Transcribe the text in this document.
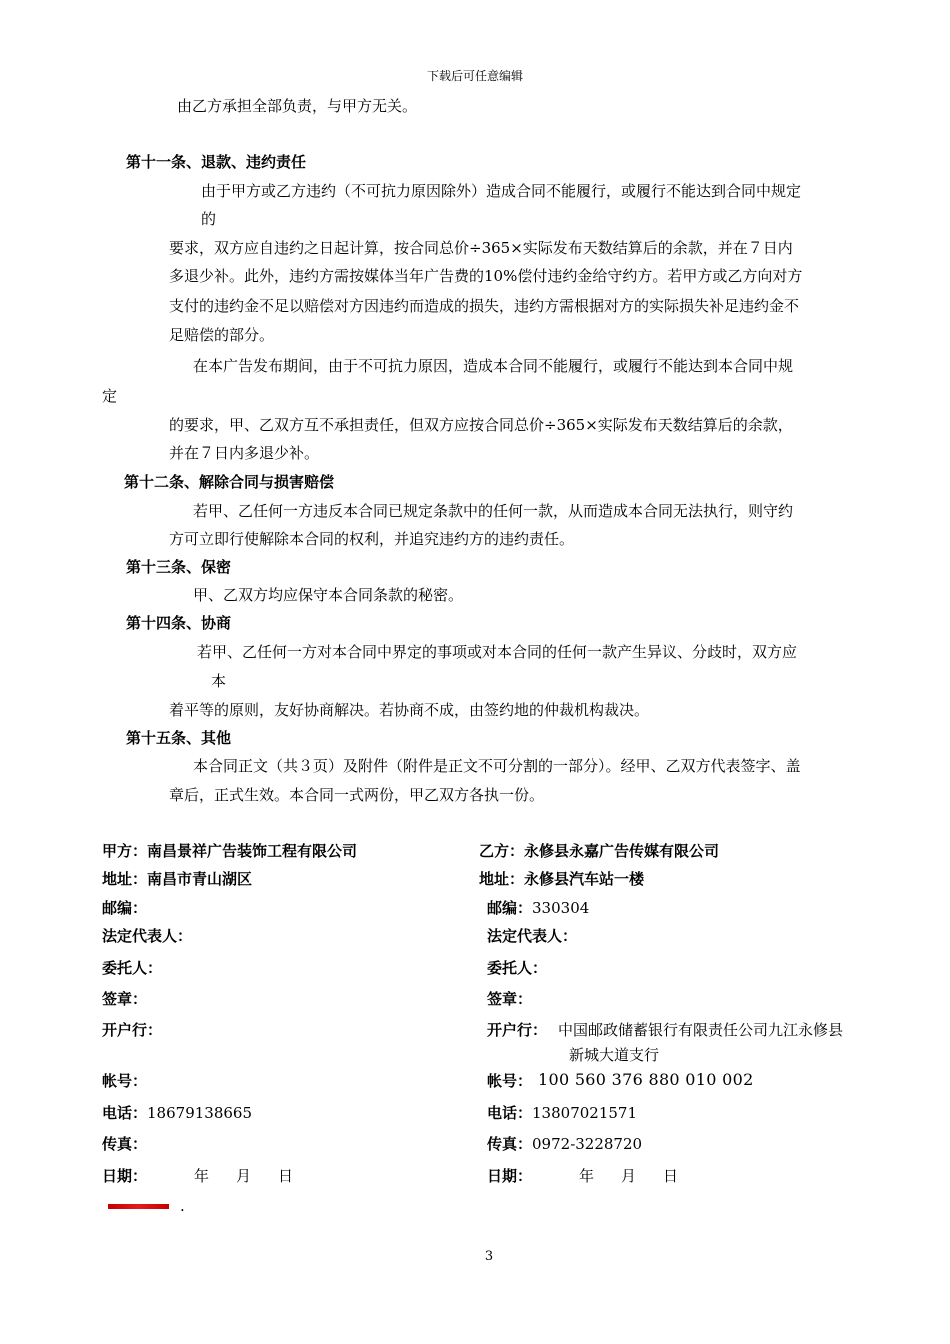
下载后可任意编辑
由乙方承担全部负责，与甲方无关。
第十一条、退款、违约责任
由于甲方或乙方违约（不可抗力原因除外）造成合同不能履行，或履行不能达到合同中规定
的
要求，双方应自违约之日起计算，按合同总价÷365×实际发布天数结算后的余款，并在７日内
多退少补。此外，违约方需按媒体当年广告费的10%偿付违约金给守约方。若甲方或乙方向对方
支付的违约金不足以赔偿对方因违约而造成的损失，违约方需根据对方的实际损失补足违约金不
足赔偿的部分。
在本广告发布期间，由于不可抗力原因，造成本合同不能履行，或履行不能达到本合同中规
定
的要求，甲、乙双方互不承担责任，但双方应按合同总价÷365×实际发布天数结算后的余款，
并在７日内多退少补。
第十二条、解除合同与损害赔偿
若甲、乙任何一方违反本合同已规定条款中的任何一款，从而造成本合同无法执行，则守约
方可立即行使解除本合同的权利，并追究违约方的违约责任。
第十三条、保密
甲、乙双方均应保守本合同条款的秘密。
第十四条、协商
若甲、乙任何一方对本合同中界定的事项或对本合同的任何一款产生异议、分歧时，双方应
本
着平等的原则，友好协商解决。若协商不成，由签约地的仲裁机构裁决。
第十五条、其他
本合同正文（共３页）及附件（附件是正文不可分割的一部分）。经甲、乙双方代表签字、盖
章后，正式生效。本合同一式两份，甲乙双方各执一份。
甲方：南昌景祥广告装饰工程有限公司
地址：南昌市青山湖区
邮编：
法定代表人：
委托人：
签章：
开户行：
帐号：
电话：18679138665
传真：
日期：	年 月 日
乙方：永修县永嘉广告传媒有限公司
地址：永修县汽车站一楼
邮编：330304
法定代表人：
委托人：
签章：
开户行： 中国邮政储蓄银行有限责任公司九江永修县
新城大道支行
帐号： 100 560 376 880 010 002
电话：13807021571
传真：0972-3228720
日期：	年 月 日
.
3
